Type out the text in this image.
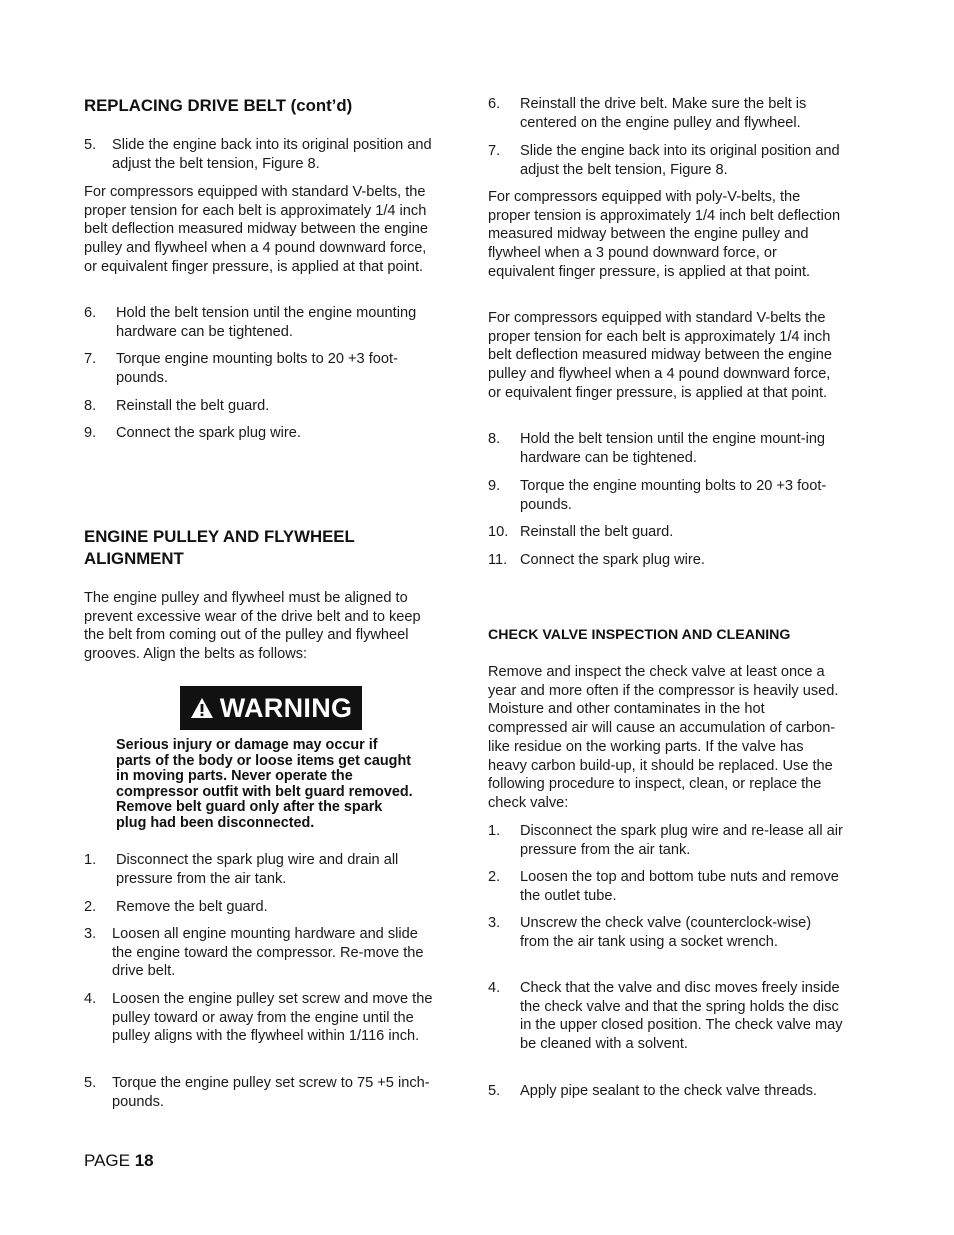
REPLACING DRIVE BELT (cont’d)
5. Slide the engine back into its original position and adjust the belt tension, Figure 8.
For compressors equipped with standard V-belts, the proper tension for each belt is approximately 1/4 inch belt deflection measured midway between the engine pulley and flywheel when a 4 pound downward force, or equivalent finger pressure, is applied at that point.
6. Hold the belt tension until the engine mounting hardware can be tightened.
7. Torque engine mounting bolts to 20 +3 foot-pounds.
8. Reinstall the belt guard.
9. Connect the spark plug wire.
ENGINE PULLEY AND FLYWHEEL ALIGNMENT
The engine pulley and flywheel must be aligned to prevent excessive wear of the drive belt and to keep the belt from coming out of the pulley and flywheel grooves. Align the belts as follows:
WARNING
Serious injury or damage may occur if parts of the body or loose items get caught in moving parts. Never operate the compressor outfit with belt guard removed. Remove belt guard only after the spark plug had been disconnected.
1. Disconnect the spark plug wire and drain all pressure from the air tank.
2. Remove the belt guard.
3. Loosen all engine mounting hardware and slide the engine toward the compressor. Re-move the drive belt.
4. Loosen the engine pulley set screw and move the pulley toward or away from the engine until the pulley aligns with the flywheel within 1/116 inch.
5. Torque the engine pulley set screw to 75 +5 inch-pounds.
6. Reinstall the drive belt. Make sure the belt is centered on the engine pulley and flywheel.
7. Slide the engine back into its original position and adjust the belt tension, Figure 8.
For compressors equipped with poly-V-belts, the proper tension is approximately 1/4 inch belt deflection measured midway between the engine pulley and flywheel when a 3 pound downward force, or equivalent finger pressure, is applied at that point.
For compressors equipped with standard V-belts the proper tension for each belt is approximately 1/4 inch belt deflection measured midway between the engine pulley and flywheel when a 4 pound downward force, or equivalent finger pressure, is applied at that point.
8. Hold the belt tension until the engine mount-ing hardware can be tightened.
9. Torque the engine mounting bolts to 20 +3 foot-pounds.
10. Reinstall the belt guard.
11. Connect the spark plug wire.
CHECK VALVE INSPECTION AND CLEANING
Remove and inspect the check valve at least once a year and more often if the compressor is heavily used. Moisture and other contaminates in the hot compressed air will cause an accumulation of carbon-like residue on the working parts. If the valve has heavy carbon build-up, it should be replaced. Use the following procedure to inspect, clean, or replace the check valve:
1. Disconnect the spark plug wire and re-lease all air pressure from the air tank.
2. Loosen the top and bottom tube nuts and remove the outlet tube.
3. Unscrew the check valve (counterclock-wise) from the air tank using a socket wrench.
4. Check that the valve and disc moves freely inside the check valve and that the spring holds the disc in the upper closed position. The check valve may be cleaned with a solvent.
5. Apply pipe sealant to the check valve threads.
PAGE 18
